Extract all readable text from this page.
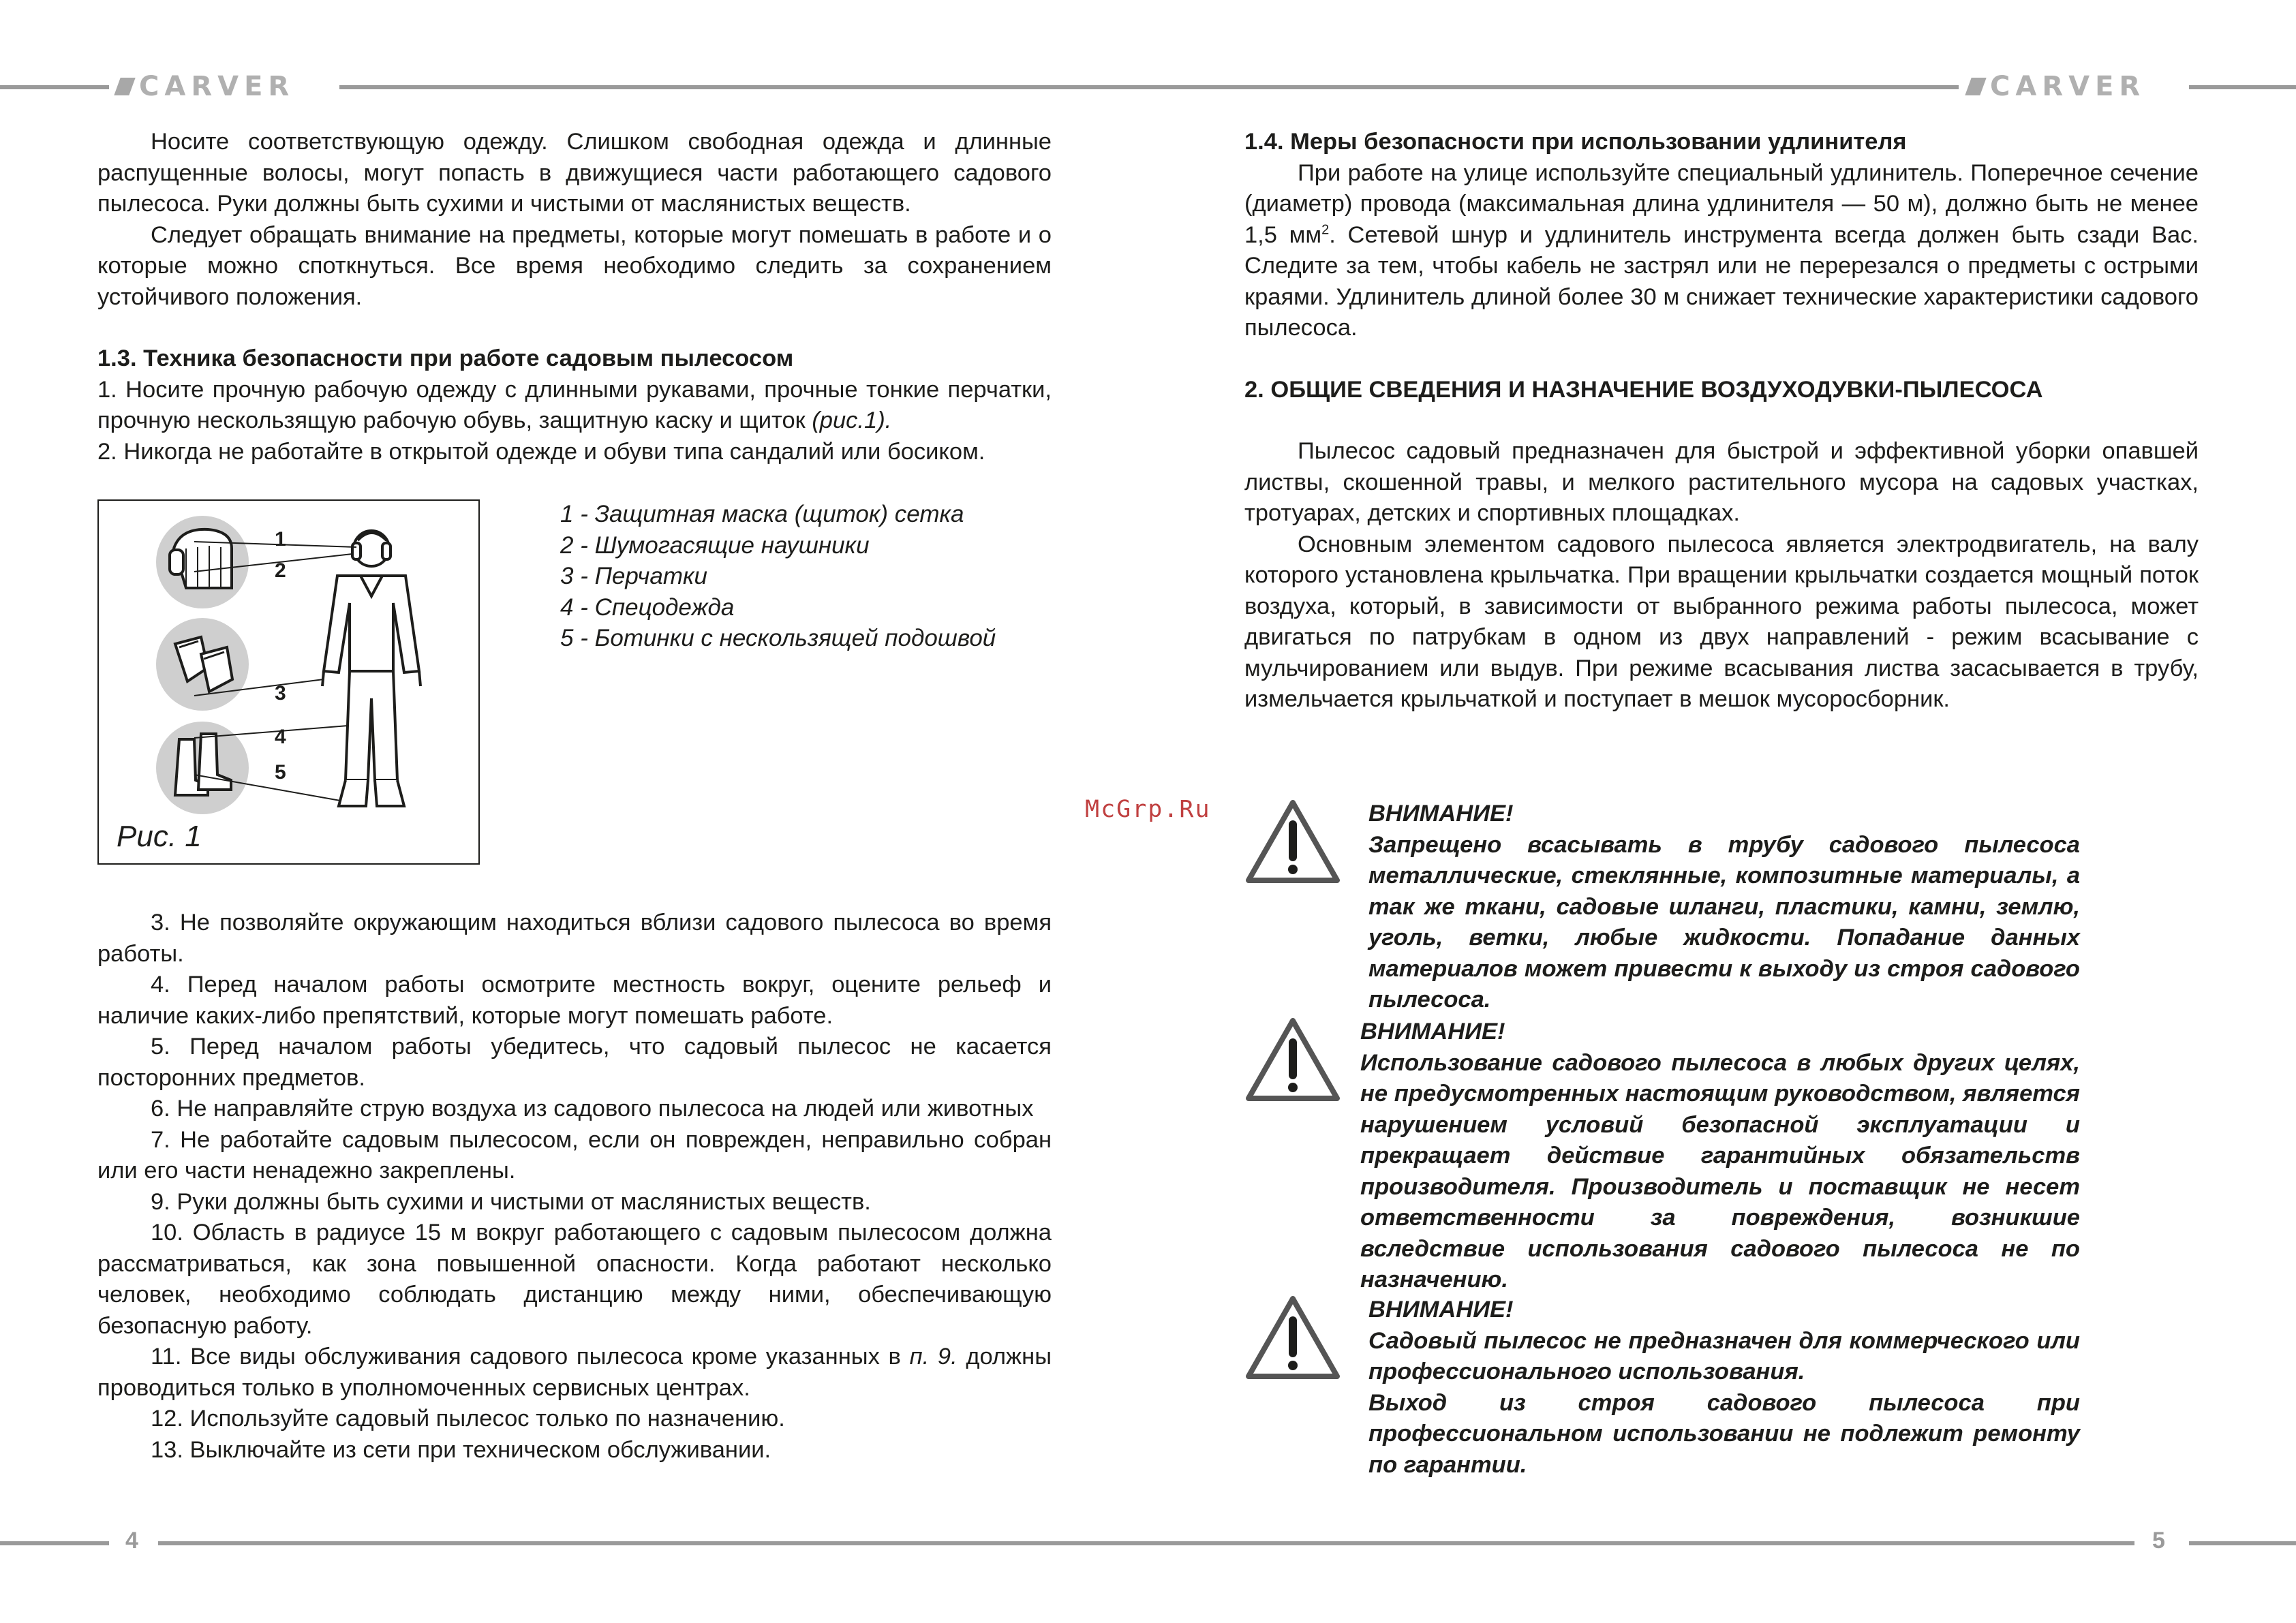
CARVER	CARVER

Носите соответствующую одежду. Слишком свободная одежда и длинные распущенные волосы, могут попасть в движущиеся части работающего садового пылесоса. Руки должны быть сухими и чистыми от маслянистых веществ.

Следует обращать внимание на предметы, которые могут помешать в работе и о которые можно споткнуться. Все время необходимо следить за сохранением устойчивого положения.

1.3. Техника безопасности при работе садовым пылесосом

1. Носите прочную рабочую одежду с длинными рукавами, прочные тонкие перчатки, прочную нескользящую рабочую обувь, защитную каску и щиток (рис.1).

2. Никогда не работайте в открытой одежде и обуви типа сандалий или босиком.

1
2
3
4
5
Рис. 1
1 - Защитная маска (щиток) сетка
2 - Шумогасящие наушники
3 - Перчатки
4 - Спецодежда
5 - Ботинки с нескользящей подошвой

3. Не позволяйте окружающим находиться вблизи садового пылесоса во время работы.

4. Перед началом работы осмотрите местность вокруг, оцените рельеф и наличие каких-либо препятствий, которые могут помешать работе.

5. Перед началом работы убедитесь, что садовый пылесос не касается посторонних предметов.

6. Не направляйте струю воздуха из садового пылесоса на людей или животных

7. Не работайте садовым пылесосом, если он поврежден, неправильно собран или его части ненадежно закреплены.

9. Руки должны быть сухими и чистыми от маслянистых веществ.

10. Область в радиусе 15 м вокруг работающего с садовым пылесосом должна рассматриваться, как зона повышенной опасности. Когда работают несколько человек, необходимо соблюдать дистанцию между ними, обеспечивающую безопасную работу.

11. Все виды обслуживания садового пылесоса кроме указанных в п. 9. должны проводиться только в уполномоченных сервисных центрах.

12. Используйте садовый пылесос только по назначению.

13. Выключайте из сети при техническом обслуживании.

1.4. Меры безопасности при использовании удлинителя

При работе на улице используйте специальный удлинитель. Поперечное сечение (диаметр) провода (максимальная длина удлинителя — 50 м), должно быть не менее 1,5 $мм^2$. Сетевой шнур и удлинитель инструмента всегда должен быть сзади Вас. Следите за тем, чтобы кабель не застрял или не перерезался о предметы с острыми краями. Удлинитель длиной более 30 м снижает технические характеристики садового пылесоса.

2. ОБЩИЕ СВЕДЕНИЯ И НАЗНАЧЕНИЕ ВОЗДУХОДУВКИ-ПЫЛЕСОСА

Пылесос садовый предназначен для быстрой и эффективной уборки опавшей листвы, скошенной травы, и мелкого растительного мусора на садовых участках, тротуарах, детских и спортивных площадках.

Основным элементом садового пылесоса является электродвигатель, на валу которого установлена крыльчатка. При вращении крыльчатки создается мощный поток воздуха, который, в зависимости от выбранного режима работы пылесоса, может двигаться по патрубкам в одном из двух направлений - режим всасывание с мульчированием или выдув. При режиме всасывания листва засасывается в трубу, измельчается крыльчаткой и поступает в мешок мусоросборник.

McGrp.Ru	ВНИМАНИЕ!
Запрещено всасывать в трубу садового пылесоса металлические, стеклянные, композитные материалы, а так же ткани, садовые шланги, пластики, камни, землю, уголь, ветки, любые жидкости. Попадание данных материалов может привести к выходу из строя садового пылесоса.
ВНИМАНИЕ!
Использование садового пылесоса в любых других целях, не предусмотренных настоящим руководством, является нарушением условий безопасной эксплуатации и прекращает действие гарантийных обязательств производителя. Производитель и поставщик не несет ответственности за повреждения, возникшие вследствие использования садового пылесоса не по назначению.
ВНИМАНИЕ!
Садовый пылесос не предназначен для коммерческого или профессионального использования.
Выход из строя садового пылесоса при профессиональном использовании не подлежит ремонту по гарантии.
4	5
